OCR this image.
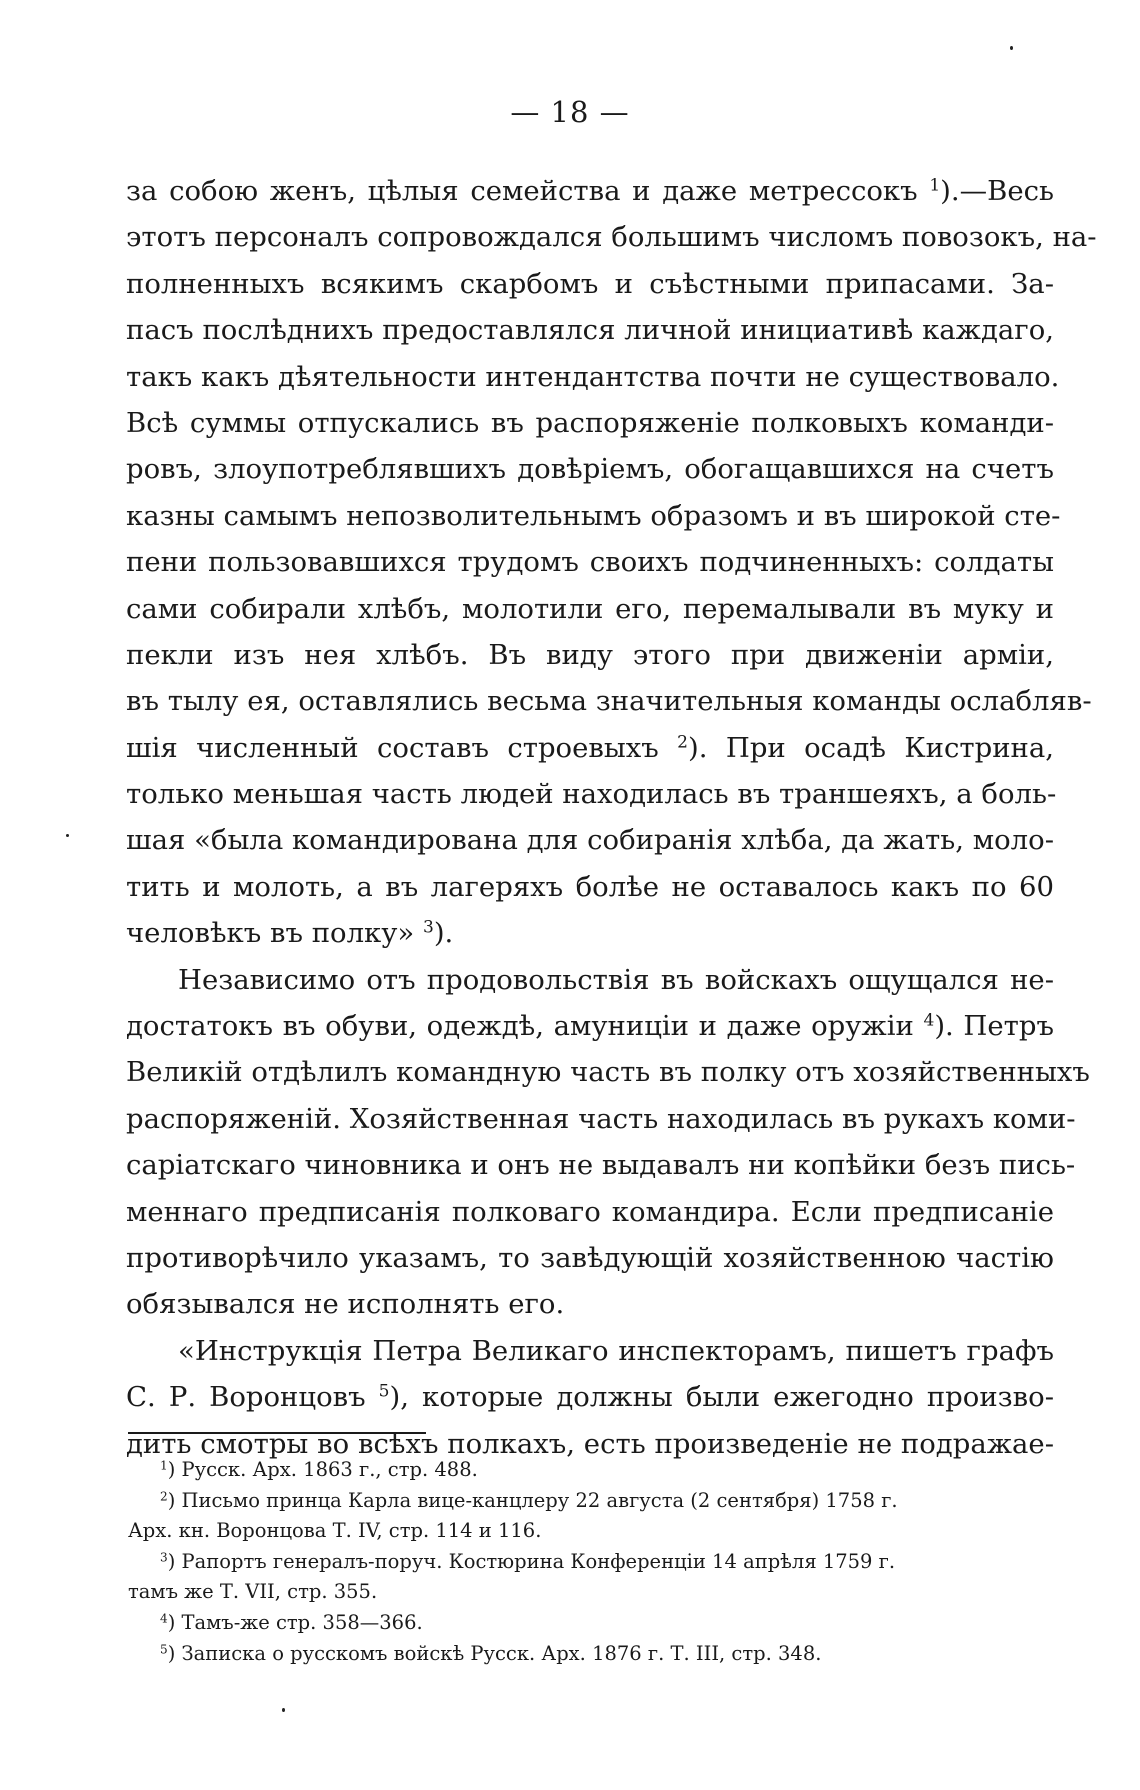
— 18 —
за собою женъ, цѣлыя семейства и даже метрессокъ $^1$).—Весь
этотъ персоналъ сопровождался большимъ числомъ повозокъ, на-
полненныхъ всякимъ скарбомъ и съѣстными припасами. За-
пасъ послѣднихъ предоставлялся личной инициативѣ каждаго,
такъ какъ дѣятельности интендантства почти не существовало.
Всѣ суммы отпускались въ распоряженіе полковыхъ команди-
ровъ, злоупотреблявшихъ довѣріемъ, обогащавшихся на счетъ
казны самымъ непозволительнымъ образомъ и въ широкой сте-
пени пользовавшихся трудомъ своихъ подчиненныхъ: солдаты
сами собирали хлѣбъ, молотили его, перемалывали въ муку и
пекли изъ нея хлѣбъ. Въ виду этого при движеніи арміи,
въ тылу ея, оставлялись весьма значительныя команды ослабляв-
шія численный составъ строевыхъ $^2$). При осадѣ Кистрина,
только меньшая часть людей находилась въ траншеяхъ, а боль-
шая «была командирована для собиранія хлѣба, да жать, моло-
тить и молоть, а въ лагеряхъ болѣе не оставалось какъ по 60
человѣкъ въ полку» $^3$).
Независимо отъ продовольствія въ войскахъ ощущался не-
достатокъ въ обуви, одеждѣ, амуниціи и даже оружіи $^4$). Петръ
Великій отдѣлилъ командную часть въ полку отъ хозяйственныхъ
распоряженій. Хозяйственная часть находилась въ рукахъ коми-
саріатскаго чиновника и онъ не выдавалъ ни копѣйки безъ пись-
меннаго предписанія полковаго командира. Если предписаніе
противорѣчило указамъ, то завѣдующій хозяйственною частію
обязывался не исполнять его.
«Инструкція Петра Великаго инспекторамъ, пишетъ графъ
С. Р. Воронцовъ $^5$), которые должны были ежегодно произво-
дить смотры во всѣхъ полкахъ, есть произведеніе не подражае-
$^1$) Русск. Арх. 1863 г., стр. 488.
$^2$) Письмо принца Карла вице-канцлеру 22 августа (2 сентября) 1758 г.
Арх. кн. Воронцова Т. IV, стр. 114 и 116.
$^3$) Рапортъ генералъ-поруч. Костюрина Конференціи 14 апрѣля 1759 г.
тамъ же Т. VII, стр. 355.
$^4$) Тамъ-же стр. 358—366.
$^5$) Записка о русскомъ войскѣ Русск. Арх. 1876 г. Т. III, стр. 348.
